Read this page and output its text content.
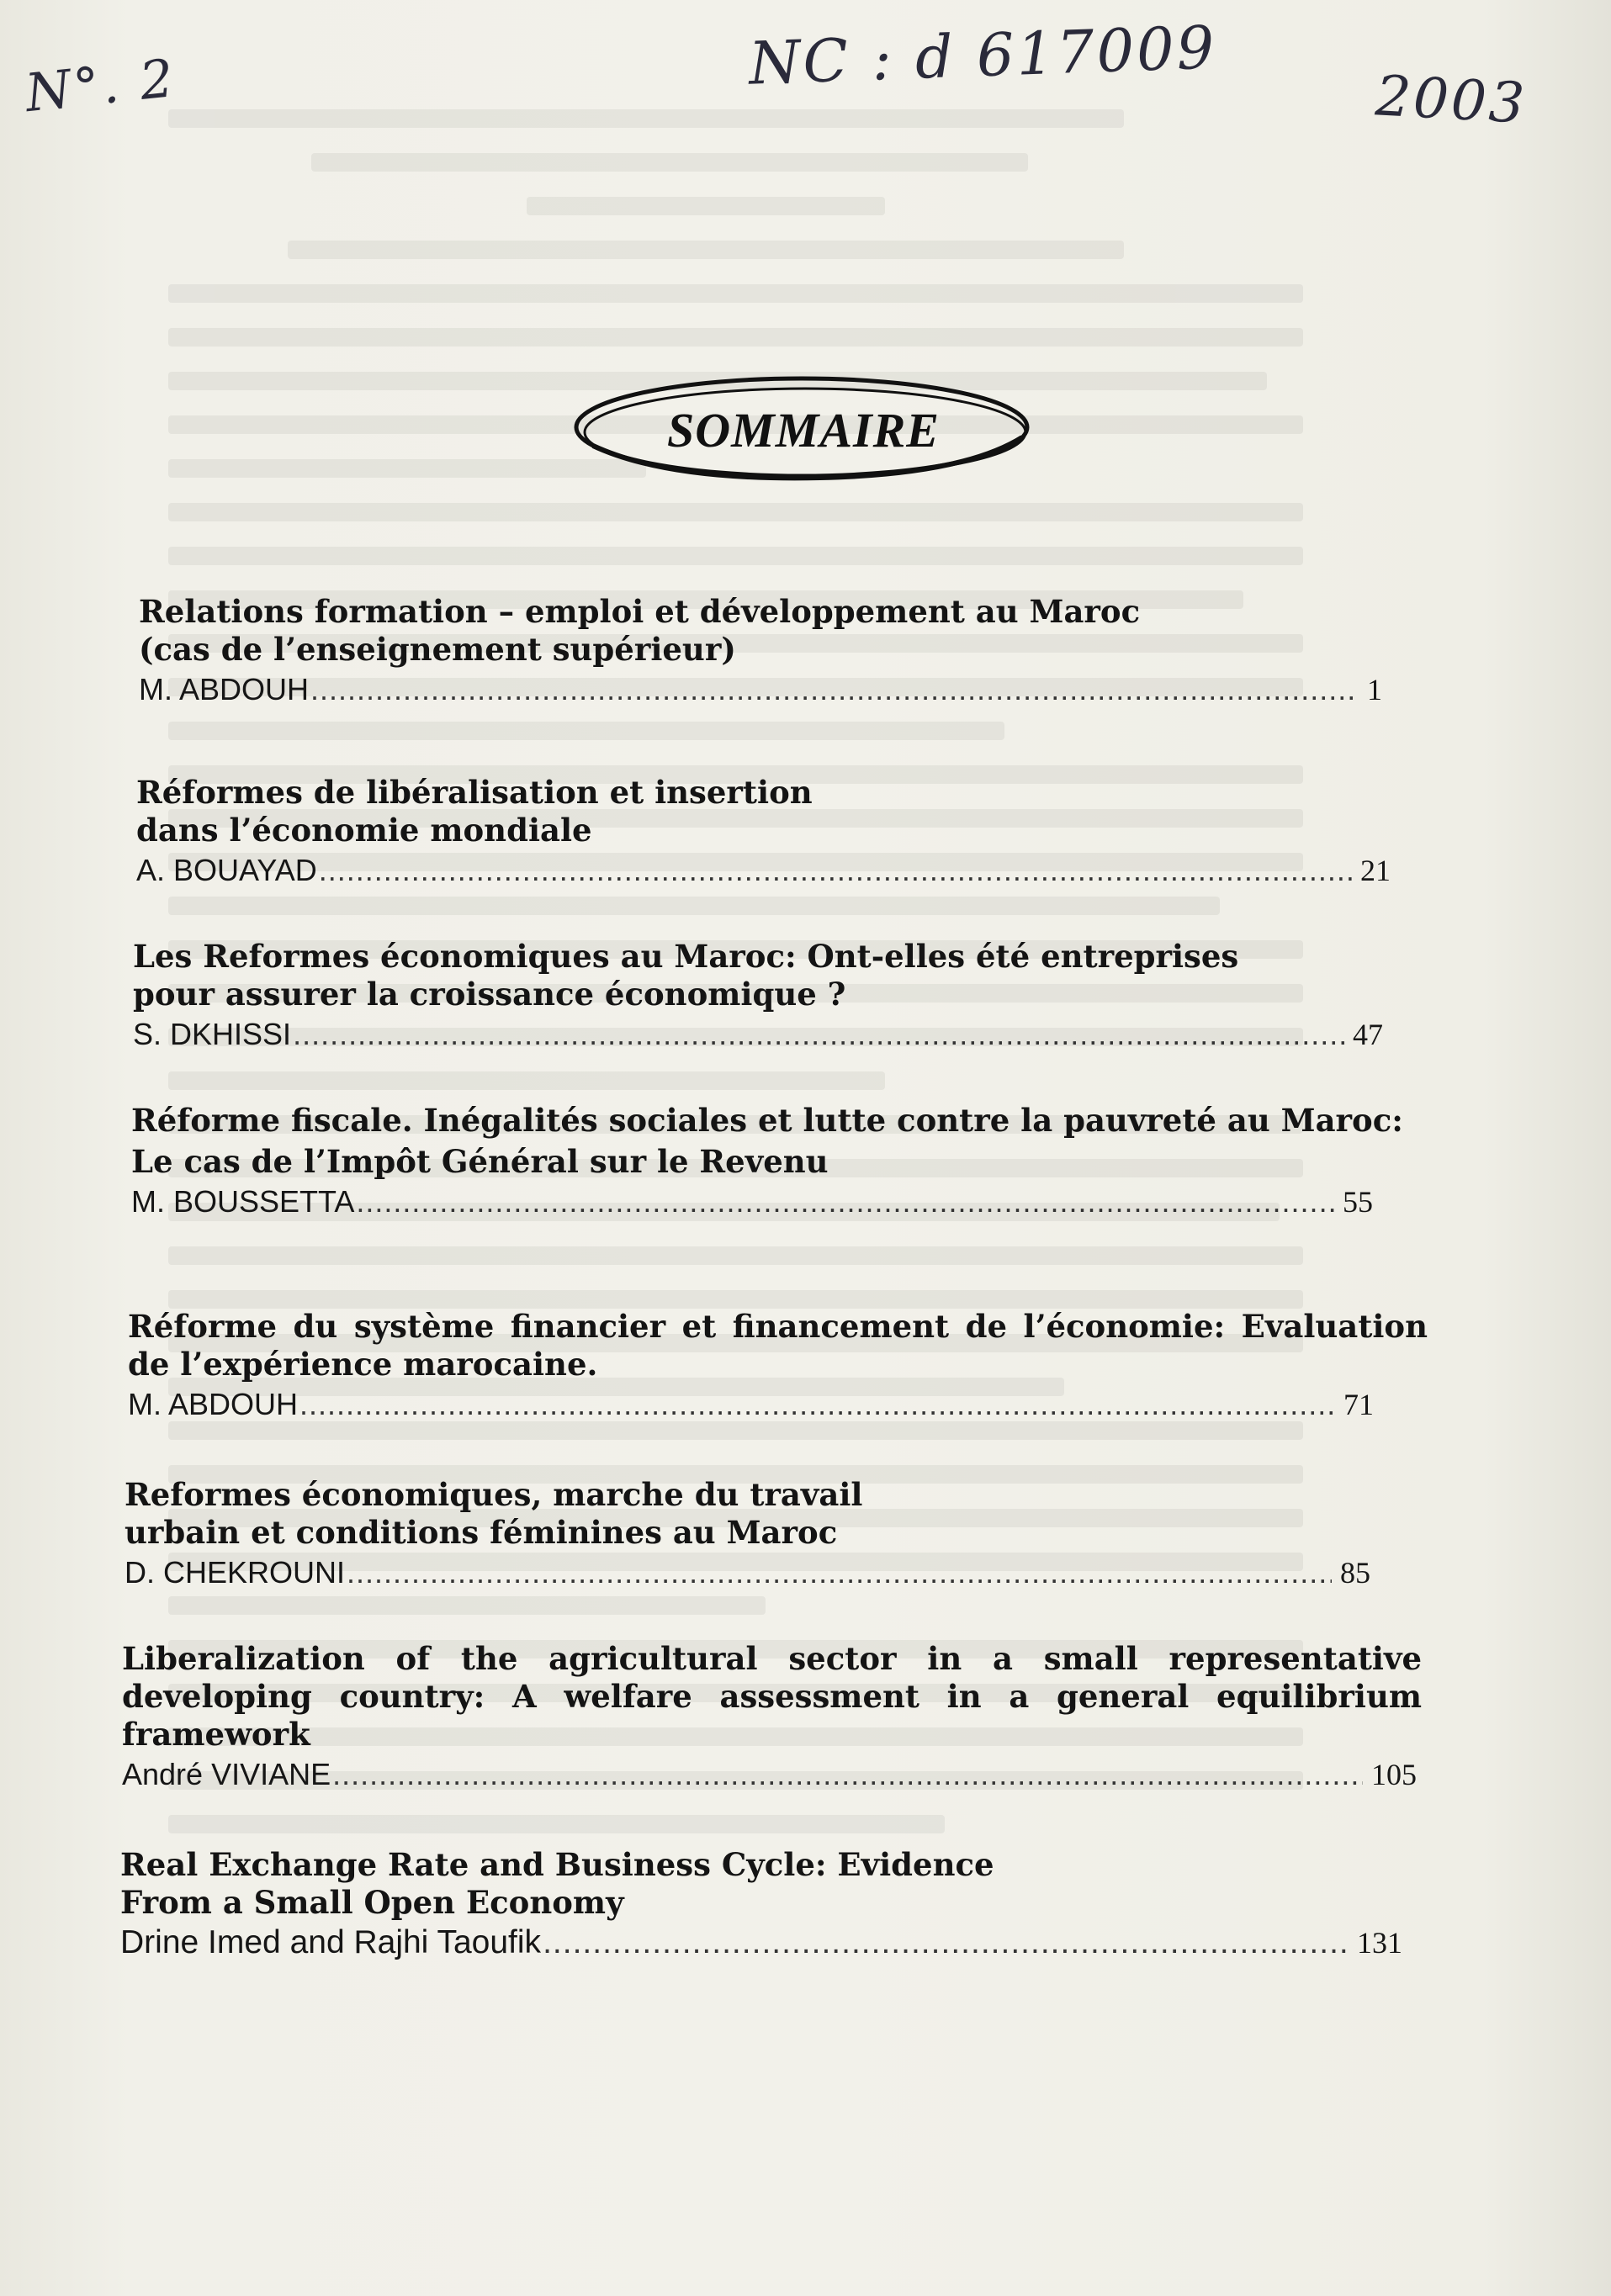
N°. 2	NC : d 617009
2003
SOMMAIRE

Relations formation – emploi et développement au Maroc
(cas de l’enseignement supérieur)

M. ABDOUH .....	1

Réformes de libéralisation et insertion
dans l’économie mondiale

A. BOUAYAD .....	21

Les Reformes économiques au Maroc: Ont-elles été entreprises
pour assurer la croissance économique ?

S. DKHISSI .....	47

Réforme fiscale. Inégalités sociales et lutte contre la pauvreté au Maroc:
Le cas de l’Impôt Général sur le Revenu

M. BOUSSETTA .....	55

Réforme du système financier et financement de l’économie: Evaluation de l’expérience marocaine.

M. ABDOUH .....	71

Reformes économiques, marche du travail
urbain et conditions féminines au Maroc

D. CHEKROUNI .....	85

Liberalization of the agricultural sector in a small representative developing country: A welfare assessment in a general equilibrium framework

André VIVIANE .....	105

Real Exchange Rate and Business Cycle: Evidence
From a Small Open Economy

Drine Imed and Rajhi Taoufik .....	131
